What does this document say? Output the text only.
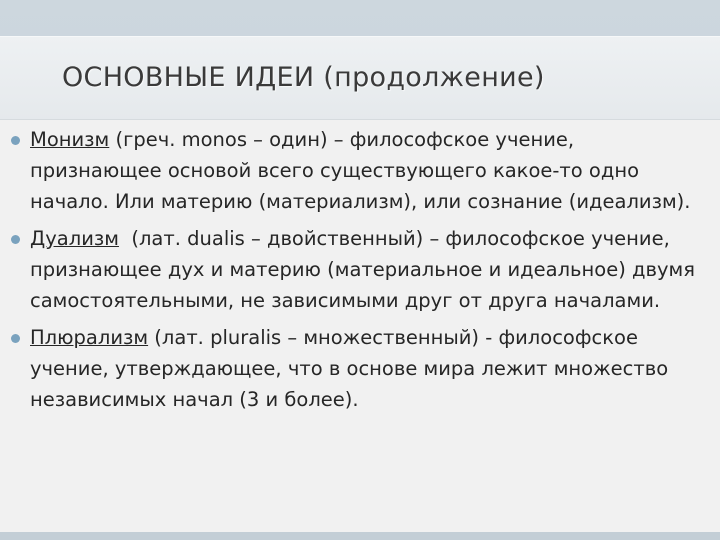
ОСНОВНЫЕ ИДЕИ (продолжение)
Монизм (греч. monos – один) – философское учение, признающее основой всего существующего какое-то одно начало. Или материю (материализм), или сознание (идеализм).
Дуализм  (лат. dualis – двойственный) – философское учение, признающее дух и материю (материальное и идеальное) двумя самостоятельными, не зависимыми друг от друга началами.
Плюрализм (лат. pluralis – множественный) - философское учение, утверждающее, что в основе мира лежит множество независимых начал (3 и более).
